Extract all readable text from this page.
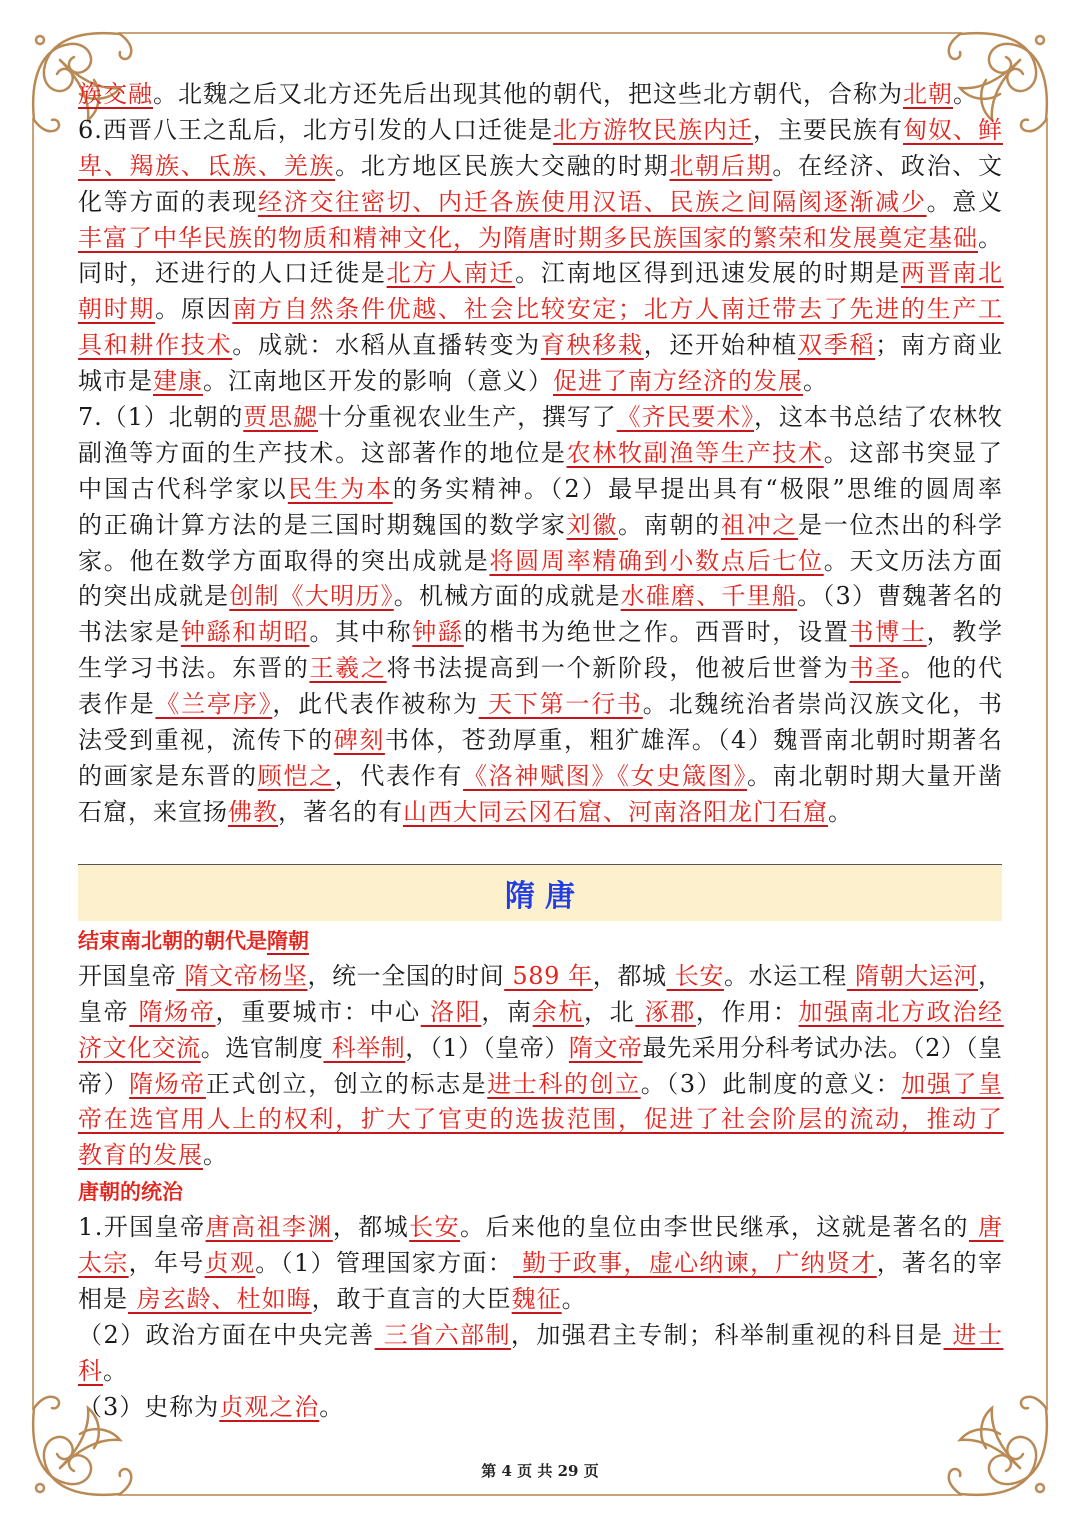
族交融。北魏之后又北方还先后出现其他的朝代，把这些北方朝代，合称为北朝。
6.西晋八王之乱后，北方引发的人口迁徙是北方游牧民族内迁，主要民族有匈奴、鲜
卑、羯族、氐族、羌族。北方地区民族大交融的时期北朝后期。在经济、政治、文
化等方面的表现经济交往密切、内迁各族使用汉语、民族之间隔阂逐渐减少。意义
丰富了中华民族的物质和精神文化，为隋唐时期多民族国家的繁荣和发展奠定基础。
同时，还进行的人口迁徙是北方人南迁。江南地区得到迅速发展的时期是两晋南北
朝时期。原因南方自然条件优越、社会比较安定；北方人南迁带去了先进的生产工
具和耕作技术。成就：水稻从直播转变为育秧移栽，还开始种植双季稻；南方商业
城市是建康。江南地区开发的影响（意义）促进了南方经济的发展。
7.（1）北朝的贾思勰十分重视农业生产，撰写了《齐民要术》，这本书总结了农林牧
副渔等方面的生产技术。这部著作的地位是农林牧副渔等生产技术。这部书突显了
中国古代科学家以民生为本的务实精神。（2）最早提出具有“极限”思维的圆周率
的正确计算方法的是三国时期魏国的数学家刘徽。南朝的祖冲之是一位杰出的科学
家。他在数学方面取得的突出成就是将圆周率精确到小数点后七位。天文历法方面
的突出成就是创制《大明历》。机械方面的成就是水碓磨、千里船。（3）曹魏著名的
书法家是钟繇和胡昭。其中称钟繇的楷书为绝世之作。西晋时，设置书博士，教学
生学习书法。东晋的王羲之将书法提高到一个新阶段，他被后世誉为书圣。他的代
表作是《兰亭序》，此代表作被称为 天下第一行书。北魏统治者崇尚汉族文化，书
法受到重视，流传下的碑刻书体，苍劲厚重，粗犷雄浑。（4）魏晋南北朝时期著名
的画家是东晋的顾恺之，代表作有《洛神赋图》《女史箴图》。南北朝时期大量开凿
石窟，来宣扬佛教，著名的有山西大同云冈石窟、河南洛阳龙门石窟。
隋唐
结束南北朝的朝代是隋朝
开国皇帝 隋文帝杨坚，统一全国的时间 589 年，都城 长安。水运工程 隋朝大运河，
皇帝 隋炀帝，重要城市：中心 洛阳，南余杭，北 涿郡，作用：加强南北方政治经
济文化交流。选官制度 科举制，（1）（皇帝）隋文帝最先采用分科考试办法。（2）（皇
帝）隋炀帝正式创立，创立的标志是进士科的创立。（3）此制度的意义：加强了皇
帝在选官用人上的权利，扩大了官吏的选拔范围，促进了社会阶层的流动，推动了
教育的发展。
唐朝的统治
1.开国皇帝唐高祖李渊，都城长安。后来他的皇位由李世民继承，这就是著名的 唐
太宗，年号贞观。（1）管理国家方面： 勤于政事，虚心纳谏，广纳贤才，著名的宰
相是 房玄龄、杜如晦，敢于直言的大臣魏征。
（2）政治方面在中央完善 三省六部制，加强君主专制；科举制重视的科目是 进士
科。
（3）史称为贞观之治。
第 4 页 共 29 页
